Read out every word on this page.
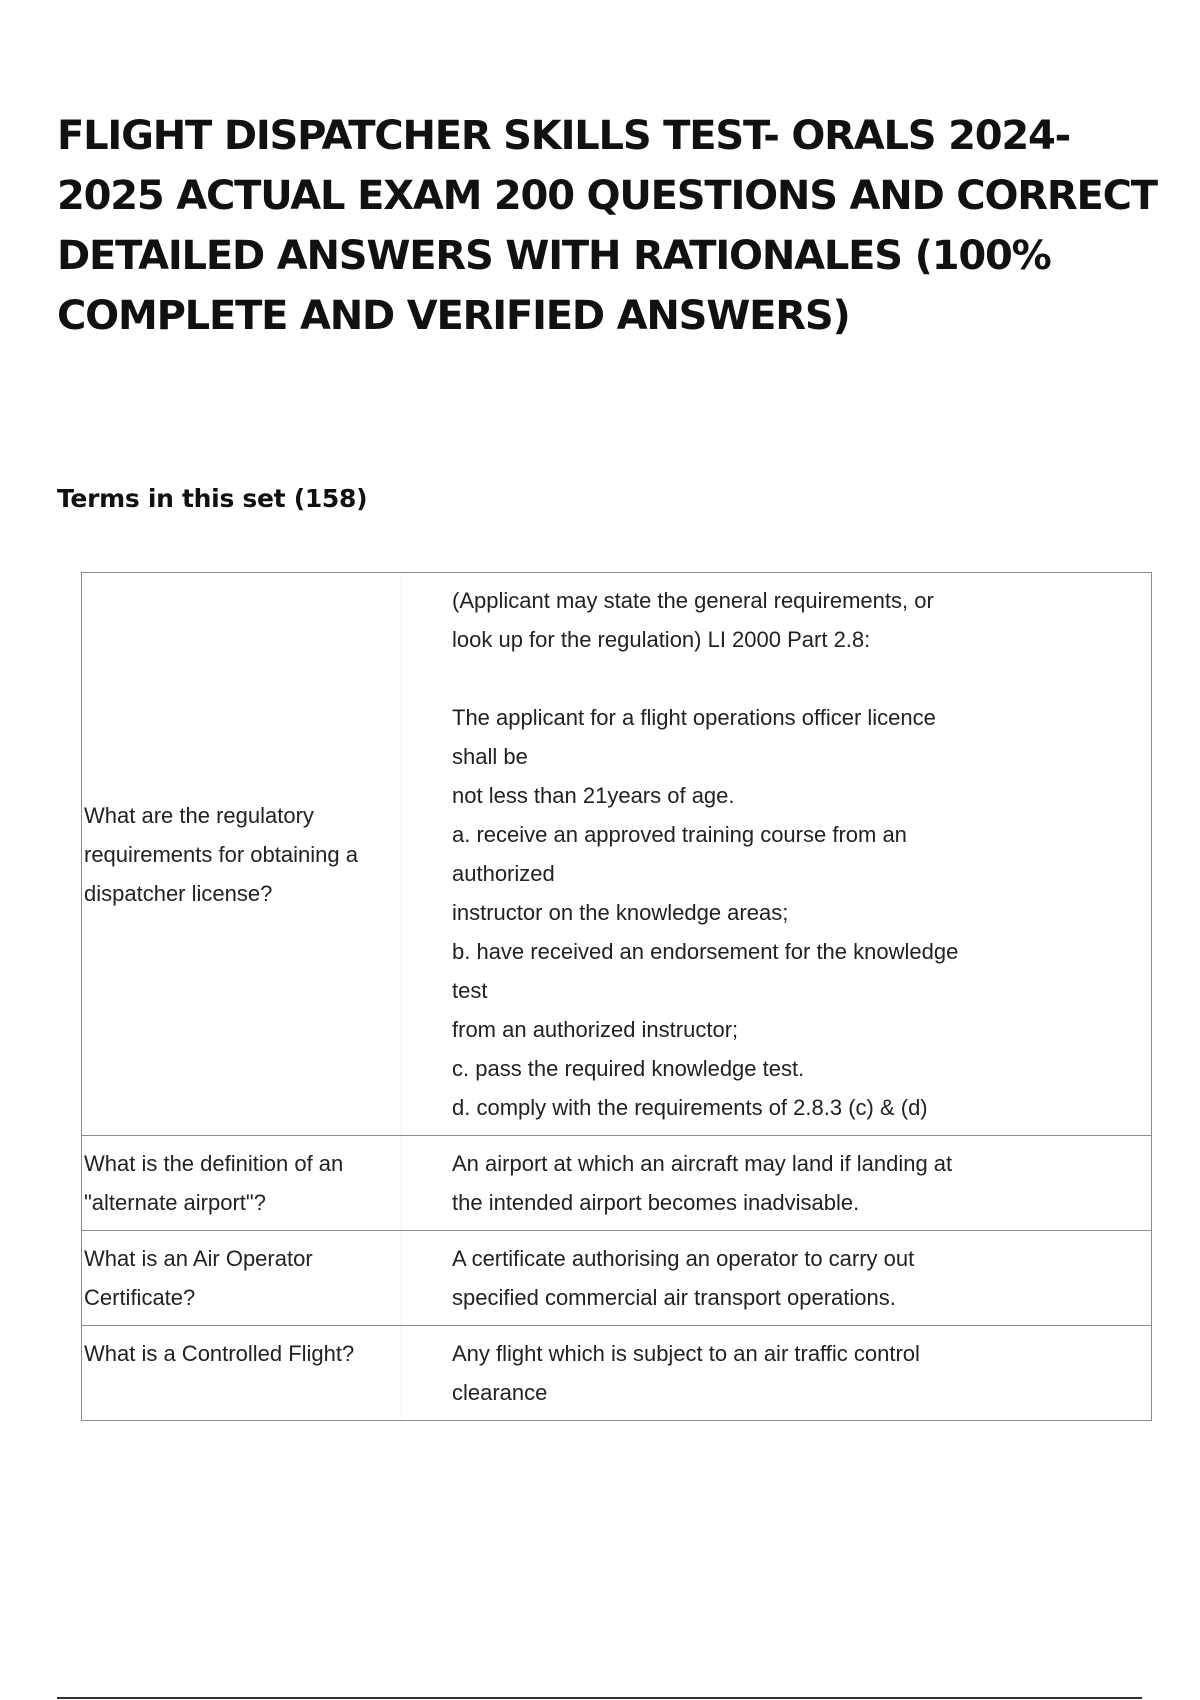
FLIGHT DISPATCHER SKILLS TEST- ORALS 2024-2025 ACTUAL EXAM 200 QUESTIONS AND CORRECT DETAILED ANSWERS WITH RATIONALES (100% COMPLETE AND VERIFIED ANSWERS)
Terms in this set (158)
What are the regulatory requirements for obtaining a dispatcher license?
(Applicant may state the general requirements, or
look up for the regulation) LI 2000 Part 2.8:
The applicant for a flight operations officer licence
shall be
not less than 21years of age.
a. receive an approved training course from an
authorized
instructor on the knowledge areas;
b. have received an endorsement for the knowledge
test
from an authorized instructor;
c. pass the required knowledge test.
d. comply with the requirements of 2.8.3 (c) & (d)
What is the definition of an "alternate airport"?
An airport at which an aircraft may land if landing at
the intended airport becomes inadvisable.
What is an Air Operator Certificate?
A certificate authorising an operator to carry out
specified commercial air transport operations.
What is a Controlled Flight?	Any flight which is subject to an air traffic control
clearance
